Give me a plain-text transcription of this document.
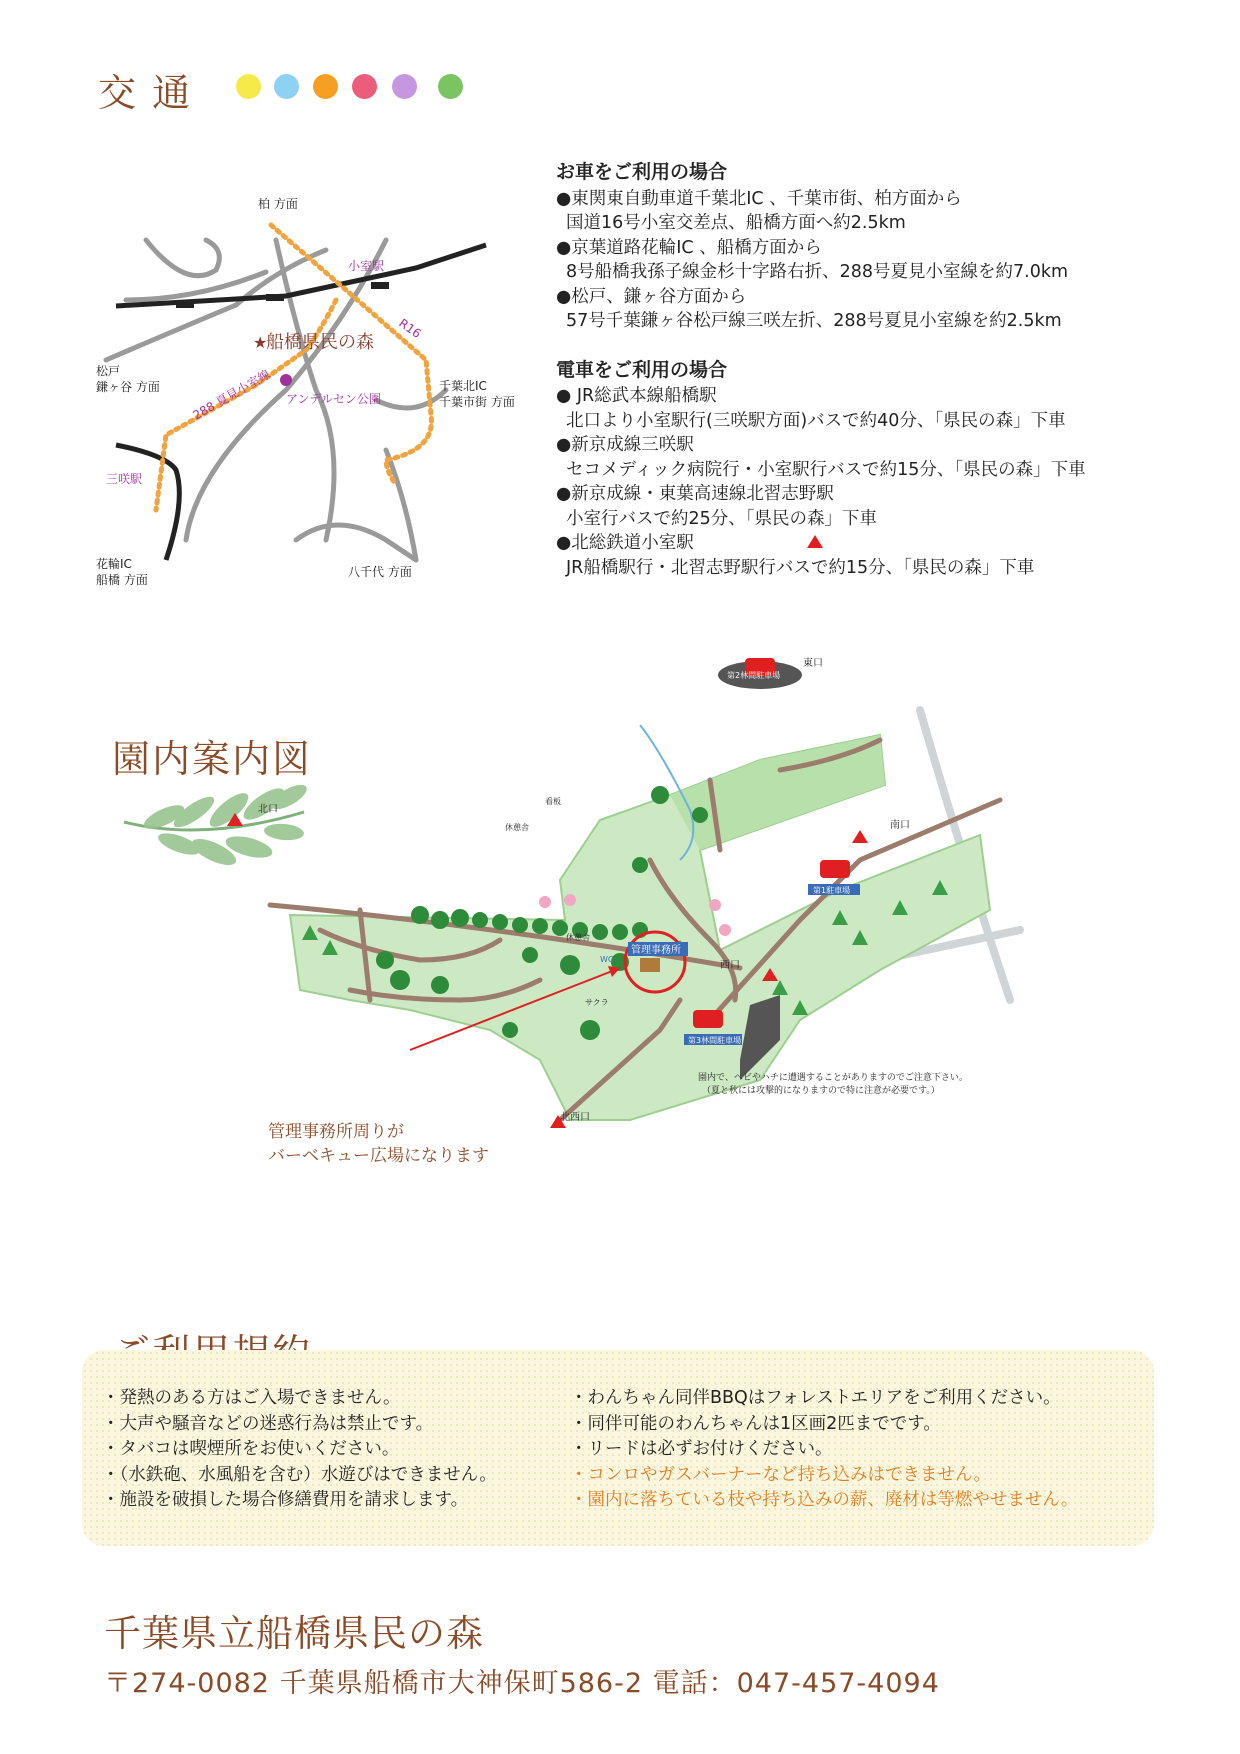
交 通
柏 方面
小室駅
R16
船橋県民の森
★
松戸
鎌ヶ谷 方面	288 夏見小室線 アンデルセン公園
千葉北IC
千葉市街 方面
三咲駅
花輪IC
船橋 方面
八千代 方面
お車をご利用の場合
●東関東自動車道千葉北IC 、千葉市街、柏方面から
国道16号小室交差点、船橋方面へ約2.5km
●京葉道路花輪IC 、船橋方面から
8号船橋我孫子線金杉十字路右折、288号夏見小室線を約7.0km
●松戸、鎌ヶ谷方面から
57号千葉鎌ヶ谷松戸線三咲左折、288号夏見小室線を約2.5km
電車をご利用の場合
● JR総武本線船橋駅
北口より小室駅行(三咲駅方面)バスで約40分、「県民の森」下車
●新京成線三咲駅
セコメディック病院行・小室駅行バスで約15分、「県民の森」下車
●新京成線・東葉高速線北習志野駅
小室行バスで約25分、「県民の森」下車
●北総鉄道小室駅
JR船橋駅行・北習志野駅行バスで約15分、「県民の森」下車
園内案内図
管理事務所
東口
北口
南口
西口
北西口
第2林間駐車場
第1駐車場
第3林間駐車場
休憩舎
休憩舎
WC
看板
サクラ
園内で、ヘビやハチに遭遇することがありますのでご注意下さい。
（夏と秋には攻撃的になりますので特に注意が必要です。）
管理事務所周りが
バーベキュー広場になります
・発熱のある方はご入場できません。
・大声や騒音などの迷惑行為は禁止です。
・タバコは喫煙所をお使いください。
・（水鉄砲、水風船を含む）水遊びはできません。
・施設を破損した場合修繕費用を請求します。
・わんちゃん同伴BBQはフォレストエリアをご利用ください。
・同伴可能のわんちゃんは1区画2匹までです。
・リードは必ずお付けください。
・コンロやガスバーナーなど持ち込みはできません。
・園内に落ちている枝や持ち込みの薪、廃材は等燃やせません。
千葉県立船橋県民の森
〒274-0082 千葉県船橋市大神保町586-2 電話：047-457-4094
